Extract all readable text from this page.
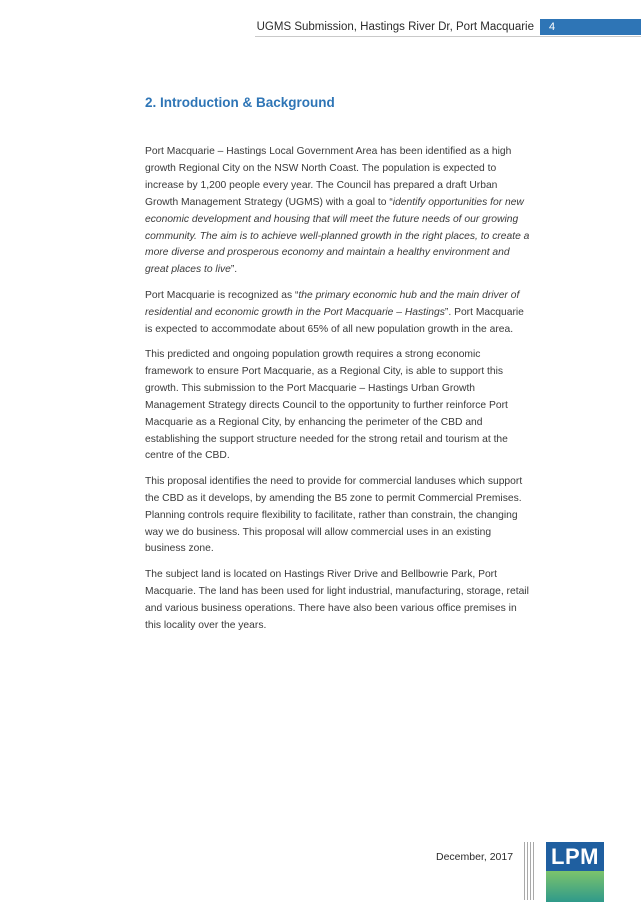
UGMS Submission, Hastings River Dr, Port Macquarie	4
2. Introduction & Background

Port Macquarie – Hastings Local Government Area has been identified as a high growth Regional City on the NSW North Coast. The population is expected to increase by 1,200 people every year. The Council has prepared a draft Urban Growth Management Strategy (UGMS) with a goal to “identify opportunities for new economic development and housing that will meet the future needs of our growing community. The aim is to achieve well-planned growth in the right places, to create a more diverse and prosperous economy and maintain a healthy environment and great places to live”.

Port Macquarie is recognized as “the primary economic hub and the main driver of residential and economic growth in the Port Macquarie – Hastings”. Port Macquarie is expected to accommodate about 65% of all new population growth in the area.

This predicted and ongoing population growth requires a strong economic framework to ensure Port Macquarie, as a Regional City, is able to support this growth. This submission to the Port Macquarie – Hastings Urban Growth Management Strategy directs Council to the opportunity to further reinforce Port Macquarie as a Regional City, by enhancing the perimeter of the CBD and establishing the support structure needed for the strong retail and tourism at the centre of the CBD.

This proposal identifies the need to provide for commercial landuses which support the CBD as it develops, by amending the B5 zone to permit Commercial Premises. Planning controls require flexibility to facilitate, rather than constrain, the changing way we do business. This proposal will allow commercial uses in an existing business zone.

The subject land is located on Hastings River Drive and Bellbowrie Park, Port Macquarie. The land has been used for light industrial, manufacturing, storage, retail and various business operations. There have also been various office premises in this locality over the years.

December, 2017 LPM
